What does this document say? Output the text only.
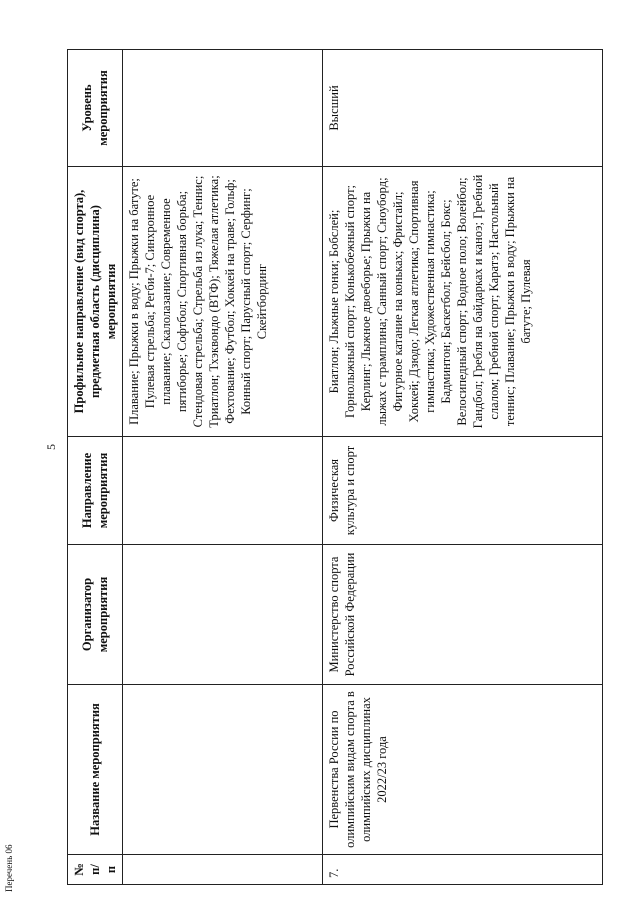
5
№ п/п	Название мероприятия	Организатор мероприятия	Направление мероприятия	Профильное направление (вид спорта), предметная область (дисциплина) мероприятия	Уровень мероприятия
				Плавание; Прыжки в воду; Прыжки на батуте; Пулевая стрельба; Регби-7; Синхронное плавание; Скалолазание; Современное пятиборье; Софтбол; Спортивная борьба; Стендовая стрельба; Стрельба из лука; Теннис; Триатлон; Тхэквондо (ВТФ); Тяжелая атлетика; Фехтование; Футбол; Хоккей на траве; Гольф; Конный спорт; Парусный спорт; Серфинг; Скейтбординг	
7.	Первенства России по олимпийским видам спорта в олимпийских дисциплинах 2022/23 года	Министерство спорта Российской Федерации	Физическая культура и спорт	Биатлон; Лыжные гонки; Бобслей; Горнолыжный спорт; Конькобежный спорт; Керлинг; Лыжное двоеборье; Прыжки на лыжах с трамплина; Санный спорт; Сноуборд; Фигурное катание на коньках; Фристайл; Хоккей; Дзюдо; Легкая атлетика; Спортивная гимнастика; Художественная гимнастика; Бадминтон; Баскетбол; Бейсбол; Бокс; Велосипедный спорт; Водное поло; Волейбол; Гандбол; Гребля на байдарках и каноэ; Гребной слалом; Гребной спорт; Каратэ; Настольный теннис; Плавание; Прыжки в воду; Прыжки на батуте; Пулевая	Высший
Перечень 06
